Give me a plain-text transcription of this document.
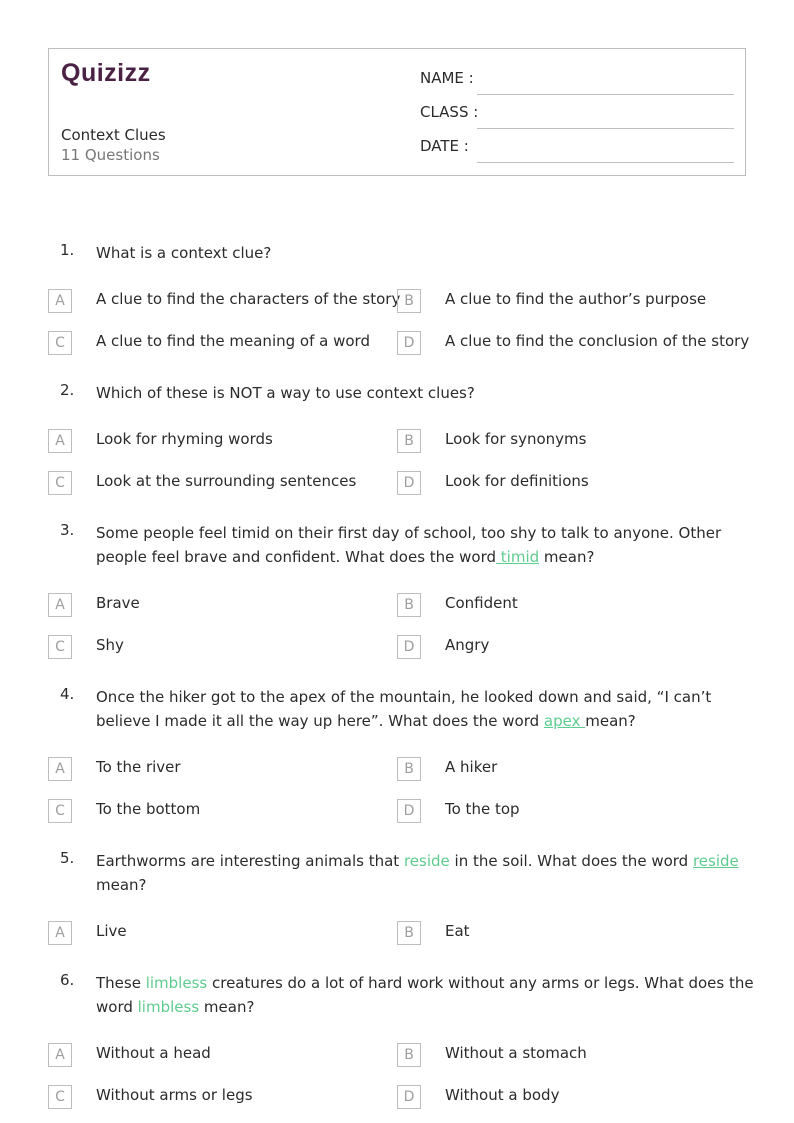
Quizizz
Context Clues
11 Questions
NAME :
CLASS :
DATE :
1. What is a context clue?
A	A clue to find the characters of the story B	A clue to find the author’s purpose
C	A clue to find the meaning of a word	D	A clue to find the conclusion of the story
2. Which of these is NOT a way to use context clues?
A	Look for rhyming words	B	Look for synonyms
C	Look at the surrounding sentences	D	Look for definitions
3. Some people feel timid on their first day of school, too shy to talk to anyone. Other people feel brave and confident. What does the word timid mean?
A	Brave	B	Confident
C	Shy	D	Angry
4. Once the hiker got to the apex of the mountain, he looked down and said, “I can’t believe I made it all the way up here”. What does the word apex mean?
A	To the river	B	A hiker
C	To the bottom	D	To the top
5. Earthworms are interesting animals that reside in the soil. What does the word reside mean?
A	Live	B	Eat
6. These limbless creatures do a lot of hard work without any arms or legs. What does the word limbless mean?
A	Without a head	B	Without a stomach
C	Without arms or legs	D	Without a body
